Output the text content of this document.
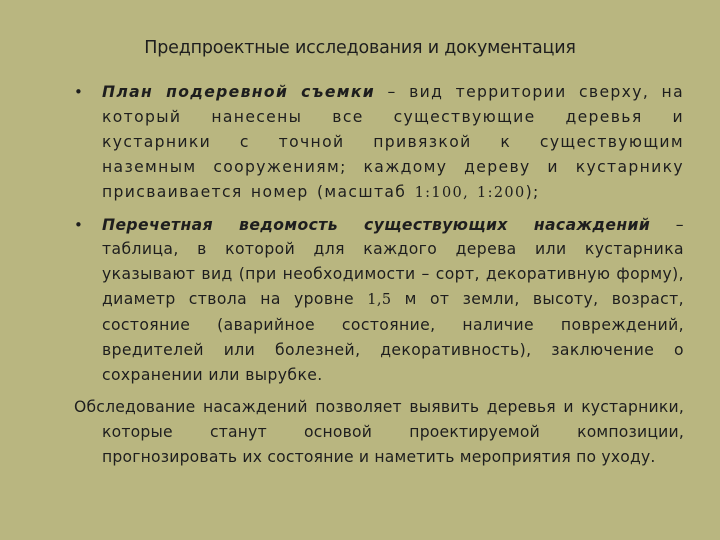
Предпроектные исследования и документация

• План подеревной съемки – вид территории сверху, на который нанесены все существующие деревья и кустарники с точной привязкой к существующим наземным сооружениям; каждому дереву и кустарнику присваивается номер (масштаб 1:100, 1:200);

• Перечетная ведомость существующих насаждений – таблица, в которой для каждого дерева или кустарника указывают вид (при необходимости – сорт, декоративную форму), диаметр ствола на уровне 1,5 м от земли, высоту, возраст, состояние (аварийное состояние, наличие повреждений, вредителей или болезней, декоративность), заключение о сохранении или вырубке.

Обследование насаждений позволяет выявить деревья и кустарники, которые станут основой проектируемой композиции, прогнозировать их состояние и наметить мероприятия по уходу.
